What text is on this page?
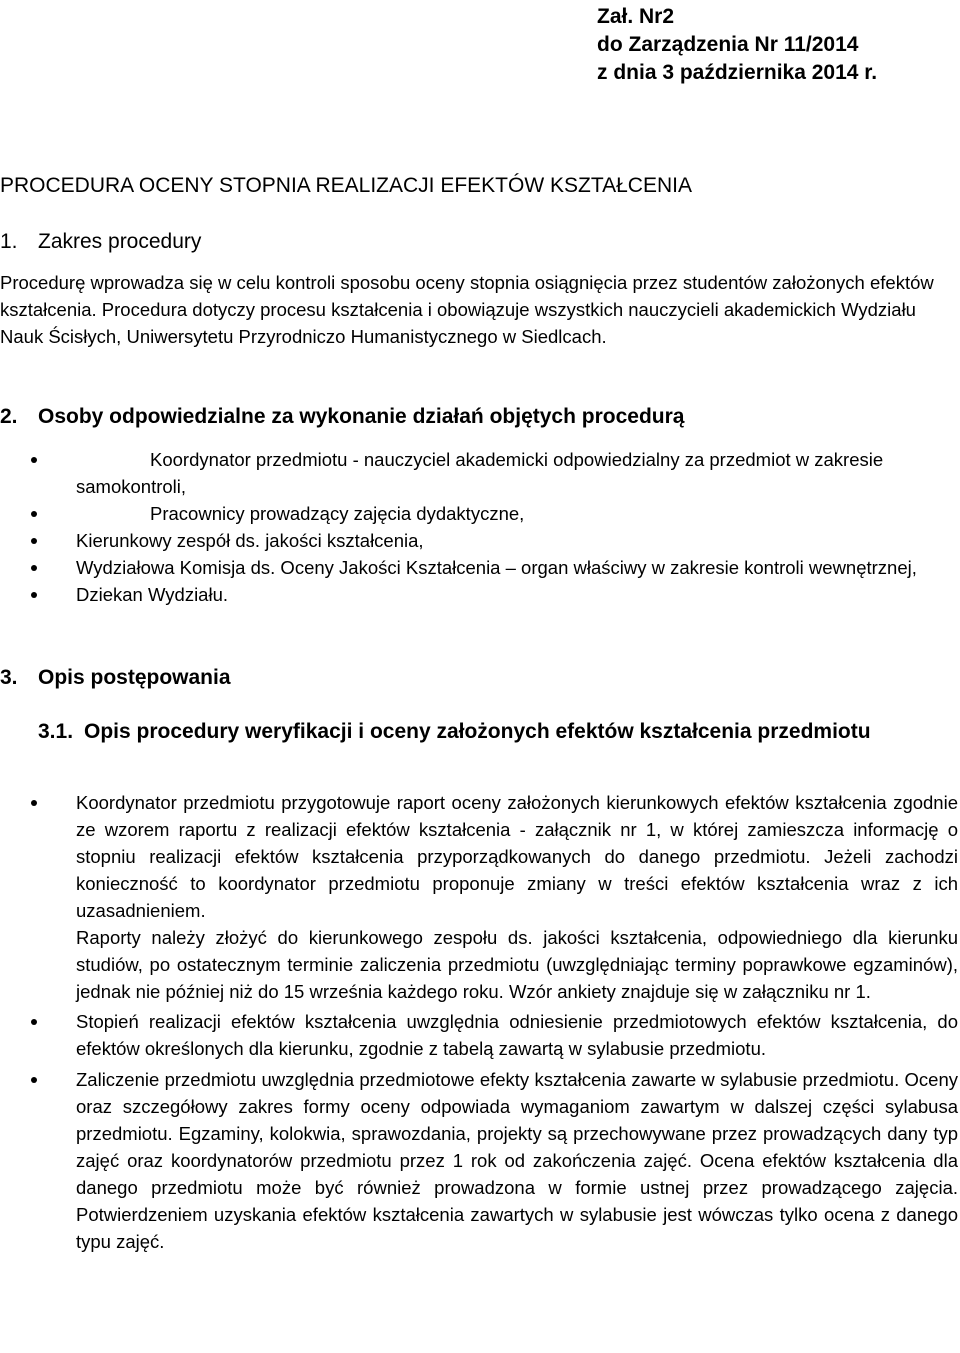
Zał. Nr2
do Zarządzenia Nr 11/2014
z dnia 3 października 2014 r.
PROCEDURA OCENY STOPNIA REALIZACJI EFEKTÓW KSZTAŁCENIA
1. Zakres procedury
Procedurę wprowadza się w celu kontroli sposobu oceny stopnia osiągnięcia przez studentów założonych efektów kształcenia. Procedura dotyczy procesu kształcenia i obowiązuje wszystkich nauczycieli akademickich Wydziału Nauk Ścisłych, Uniwersytetu Przyrodniczo Humanistycznego w Siedlcach.
2. Osoby odpowiedzialne za wykonanie działań objętych procedurą
Koordynator przedmiotu - nauczyciel akademicki odpowiedzialny za przedmiot w zakresie samokontroli,
Pracownicy prowadzący zajęcia dydaktyczne,
Kierunkowy zespół ds. jakości kształcenia,
Wydziałowa Komisja ds. Oceny Jakości Kształcenia – organ właściwy w zakresie kontroli wewnętrznej,
Dziekan Wydziału.
3. Opis postępowania
3.1. Opis procedury weryfikacji i oceny założonych efektów kształcenia przedmiotu

Koordynator przedmiotu przygotowuje raport oceny założonych kierunkowych efektów kształcenia zgodnie ze wzorem raportu z realizacji efektów kształcenia - załącznik nr 1, w której zamieszcza informację o stopniu realizacji efektów kształcenia przyporządkowanych do danego przedmiotu. Jeżeli zachodzi konieczność to koordynator przedmiotu proponuje zmiany w treści efektów kształcenia wraz z ich uzasadnieniem.

Raporty należy złożyć do kierunkowego zespołu ds. jakości kształcenia, odpowiedniego dla kierunku studiów, po ostatecznym terminie zaliczenia przedmiotu (uwzględniając terminy poprawkowe egzaminów), jednak nie później niż do 15 września każdego roku. Wzór ankiety znajduje się w załączniku nr 1.

Stopień realizacji efektów kształcenia uwzględnia odniesienie przedmiotowych efektów kształcenia, do efektów określonych dla kierunku, zgodnie z tabelą zawartą w sylabusie przedmiotu.

Zaliczenie przedmiotu uwzględnia przedmiotowe efekty kształcenia zawarte w sylabusie przedmiotu. Oceny oraz szczegółowy zakres formy oceny odpowiada wymaganiom zawartym w dalszej części sylabusa przedmiotu. Egzaminy, kolokwia, sprawozdania, projekty są przechowywane przez prowadzących dany typ zajęć oraz koordynatorów przedmiotu przez 1 rok od zakończenia zajęć. Ocena efektów kształcenia dla danego przedmiotu może być również prowadzona w formie ustnej przez prowadzącego zajęcia. Potwierdzeniem uzyskania efektów kształcenia zawartych w sylabusie jest wówczas tylko ocena z danego typu zajęć.
